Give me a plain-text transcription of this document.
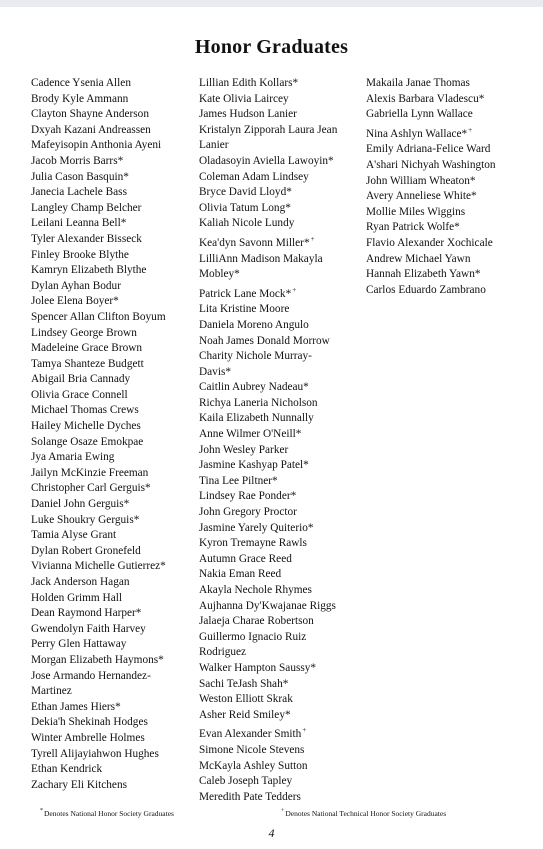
Honor Graduates
Cadence Ysenia Allen
Brody Kyle Ammann
Clayton Shayne Anderson
Dxyah Kazani Andreassen
Mafeyisopin Anthonia Ayeni
Jacob Morris Barrs*
Julia Cason Basquin*
Janecia Lachele Bass
Langley Champ Belcher
Leilani Leanna Bell*
Tyler Alexander Bisseck
Finley Brooke Blythe
Kamryn Elizabeth Blythe
Dylan Ayhan Bodur
Jolee Elena Boyer*
Spencer Allan Clifton Boyum
Lindsey George Brown
Madeleine Grace Brown
Tamya Shanteze Budgett
Abigail Bria Cannady
Olivia Grace Connell
Michael Thomas Crews
Hailey Michelle Dyches
Solange Osaze Emokpae
Jya Amaria Ewing
Jailyn McKinzie Freeman
Christopher Carl Gerguis*
Daniel John Gerguis*
Luke Shoukry Gerguis*
Tamia Alyse Grant
Dylan Robert Gronefeld
Vivianna Michelle Gutierrez*
Jack Anderson Hagan
Holden Grimm Hall
Dean Raymond Harper*
Gwendolyn Faith Harvey
Perry Glen Hattaway
Morgan Elizabeth Haymons*
Jose Armando Hernandez-
Martinez
Ethan James Hiers*
Dekia'h Shekinah Hodges
Winter Ambrelle Holmes
Tyrell Alijayiahwon Hughes
Ethan Kendrick
Zachary Eli Kitchens
Lillian Edith Kollars*
Kate Olivia Laircey
James Hudson Lanier
Kristalyn Zipporah Laura Jean
Lanier
Oladasoyin Aviella Lawoyin*
Coleman Adam Lindsey
Bryce David Lloyd*
Olivia Tatum Long*
Kaliah Nicole Lundy
Kea'dyn Savonn Miller*+
LilliAnn Madison Makayla
Mobley*
Patrick Lane Mock*+
Lita Kristine Moore
Daniela Moreno Angulo
Noah James Donald Morrow
Charity Nichole Murray-
Davis*
Caitlin Aubrey Nadeau*
Richya Laneria Nicholson
Kaila Elizabeth Nunnally
Anne Wilmer O'Neill*
John Wesley Parker
Jasmine Kashyap Patel*
Tina Lee Piltner*
Lindsey Rae Ponder*
John Gregory Proctor
Jasmine Yarely Quiterio*
Kyron Tremayne Rawls
Autumn Grace Reed
Nakia Eman Reed
Akayla Nechole Rhymes
Aujhanna Dy'Kwajanae Riggs
Jalaeja Charae Robertson
Guillermo Ignacio Ruiz
Rodriguez
Walker Hampton Saussy*
Sachi TeJash Shah*
Weston Elliott Skrak
Asher Reid Smiley*
Evan Alexander Smith+
Simone Nicole Stevens
McKayla Ashley Sutton
Caleb Joseph Tapley
Meredith Pate Tedders
Makaila Janae Thomas
Alexis Barbara Vladescu*
Gabriella Lynn Wallace
Nina Ashlyn Wallace*+
Emily Adriana-Felice Ward
A'shari Nichyah Washington
John William Wheaton*
Avery Anneliese White*
Mollie Miles Wiggins
Ryan Patrick Wolfe*
Flavio Alexander Xochicale
Andrew Michael Yawn
Hannah Elizabeth Yawn*
Carlos Eduardo Zambrano
*Denotes National Honor Society Graduates	+Denotes National Technical Honor Society Graduates
4
